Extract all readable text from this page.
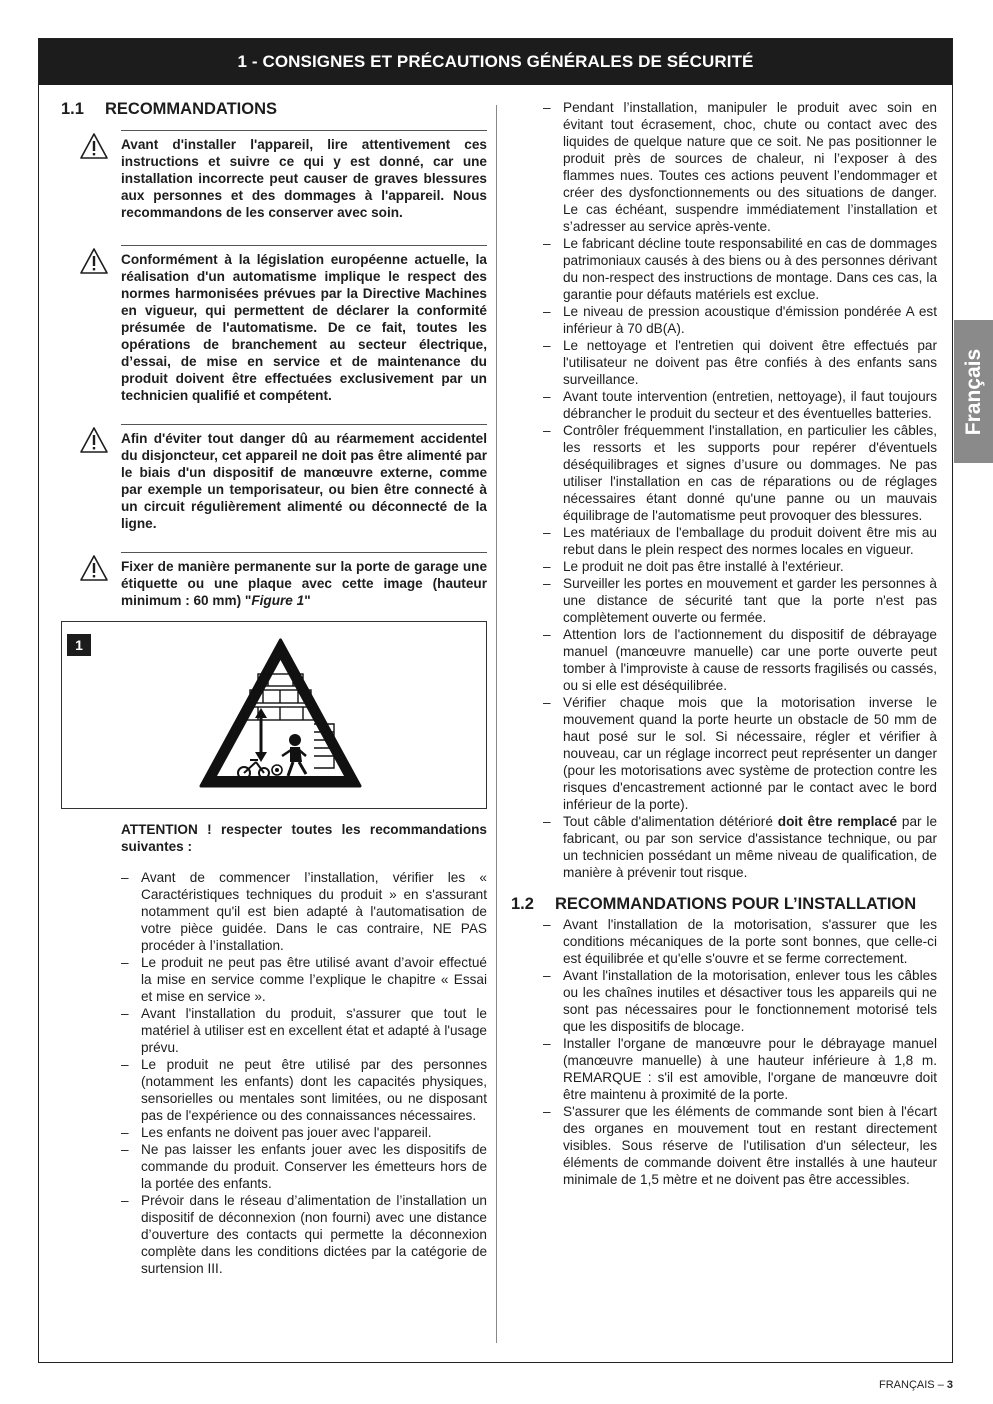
1 - CONSIGNES ET PRÉCAUTIONS GÉNÉRALES DE SÉCURITÉ
1.1	RECOMMANDATIONS
Avant d'installer l'appareil, lire attentivement ces instructions et suivre ce qui y est donné, car une installation incorrecte peut causer de graves blessures aux personnes et des dommages à l'appareil. Nous recommandons de les conserver avec soin.
Conformément à la législation européenne actuelle, la réalisation d'un automatisme implique le respect des normes harmonisées prévues par la Directive Machines en vigueur, qui permettent de déclarer la conformité présumée de l'automatisme. De ce fait, toutes les opérations de branchement au secteur électrique, d’essai, de mise en service et de maintenance du produit doivent être effectuées exclusivement par un technicien qualifié et compétent.
Afin d'éviter tout danger dû au réarmement accidentel du disjoncteur, cet appareil ne doit pas être alimenté par le biais d'un dispositif de manœuvre externe, comme par exemple un temporisateur, ou bien être connecté à un circuit régulièrement alimenté ou déconnecté de la ligne.
Fixer de manière permanente sur la porte de garage une étiquette ou une plaque avec cette image (hauteur minimum : 60 mm) "Figure 1"
1
ATTENTION ! respecter toutes les recommandations suivantes :
– Avant de commencer l’installation, vérifier les « Caractéristiques techniques du produit » en s'assurant notamment qu'il est bien adapté à l'automatisation de votre pièce guidée. Dans le cas contraire, NE PAS procéder à l’installation.
– Le produit ne peut pas être utilisé avant d’avoir effectué la mise en service comme l’explique le chapitre « Essai et mise en service ».
– Avant l'installation du produit, s'assurer que tout le matériel à utiliser est en excellent état et adapté à l'usage prévu.
– Le produit ne peut être utilisé par des personnes (notamment les enfants) dont les capacités physiques, sensorielles ou mentales sont limitées, ou ne disposant pas de l'expérience ou des connaissances nécessaires.
– Les enfants ne doivent pas jouer avec l'appareil.
– Ne pas laisser les enfants jouer avec les dispositifs de commande du produit. Conserver les émetteurs hors de la portée des enfants.
– Prévoir dans le réseau d’alimentation de l’installation un dispositif de déconnexion (non fourni) avec une distance d’ouverture des contacts qui permette la déconnexion complète dans les conditions dictées par la catégorie de surtension III.
– Pendant l’installation, manipuler le produit avec soin en évitant tout écrasement, choc, chute ou contact avec des liquides de quelque nature que ce soit. Ne pas positionner le produit près de sources de chaleur, ni l’exposer à des flammes nues. Toutes ces actions peuvent l’endommager et créer des dysfonctionnements ou des situations de danger. Le cas échéant, suspendre immédiatement l’installation et s’adresser au service après-vente.
– Le fabricant décline toute responsabilité en cas de dommages patrimoniaux causés à des biens ou à des personnes dérivant du non-respect des instructions de montage. Dans ces cas, la garantie pour défauts matériels est exclue.
– Le niveau de pression acoustique d'émission pondérée A est inférieur à 70 dB(A).
– Le nettoyage et l'entretien qui doivent être effectués par l'utilisateur ne doivent pas être confiés à des enfants sans surveillance.
– Avant toute intervention (entretien, nettoyage), il faut toujours débrancher le produit du secteur et des éventuelles batteries.
– Contrôler fréquemment l'installation, en particulier les câbles, les ressorts et les supports pour repérer d'éventuels déséquilibrages et signes d’usure ou dommages. Ne pas utiliser l'installation en cas de réparations ou de réglages nécessaires étant donné qu'une panne ou un mauvais équilibrage de l'automatisme peut provoquer des blessures.
– Les matériaux de l'emballage du produit doivent être mis au rebut dans le plein respect des normes locales en vigueur.
– Le produit ne doit pas être installé à l'extérieur.
– Surveiller les portes en mouvement et garder les personnes à une distance de sécurité tant que la porte n'est pas complètement ouverte ou fermée.
– Attention lors de l'actionnement du dispositif de débrayage manuel (manœuvre manuelle) car une porte ouverte peut tomber à l'improviste à cause de ressorts fragilisés ou cassés, ou si elle est déséquilibrée.
– Vérifier chaque mois que la motorisation inverse le mouvement quand la porte heurte un obstacle de 50 mm de haut posé sur le sol. Si nécessaire, régler et vérifier à nouveau, car un réglage incorrect peut représenter un danger (pour les motorisations avec système de protection contre les risques d'encastrement actionné par le contact avec le bord inférieur de la porte).
– Tout câble d'alimentation détérioré doit être remplacé par le fabricant, ou par son service d'assistance technique, ou par un technicien possédant un même niveau de qualification, de manière à prévenir tout risque.
1.2	RECOMMANDATIONS POUR L’INSTALLATION
– Avant l'installation de la motorisation, s'assurer que les conditions mécaniques de la porte sont bonnes, que celle-ci est équilibrée et qu'elle s'ouvre et se ferme correctement.
– Avant l'installation de la motorisation, enlever tous les câbles ou les chaînes inutiles et désactiver tous les appareils qui ne sont pas nécessaires pour le fonctionnement motorisé tels que les dispositifs de blocage.
– Installer l'organe de manœuvre pour le débrayage manuel (manœuvre manuelle) à une hauteur inférieure à 1,8 m. REMARQUE : s'il est amovible, l'organe de manœuvre doit être maintenu à proximité de la porte.
– S'assurer que les éléments de commande sont bien à l'écart des organes en mouvement tout en restant directement visibles. Sous réserve de l'utilisation d'un sélecteur, les éléments de commande doivent être installés à une hauteur minimale de 1,5 mètre et ne doivent pas être accessibles.
Français
FRANÇAIS – 3
